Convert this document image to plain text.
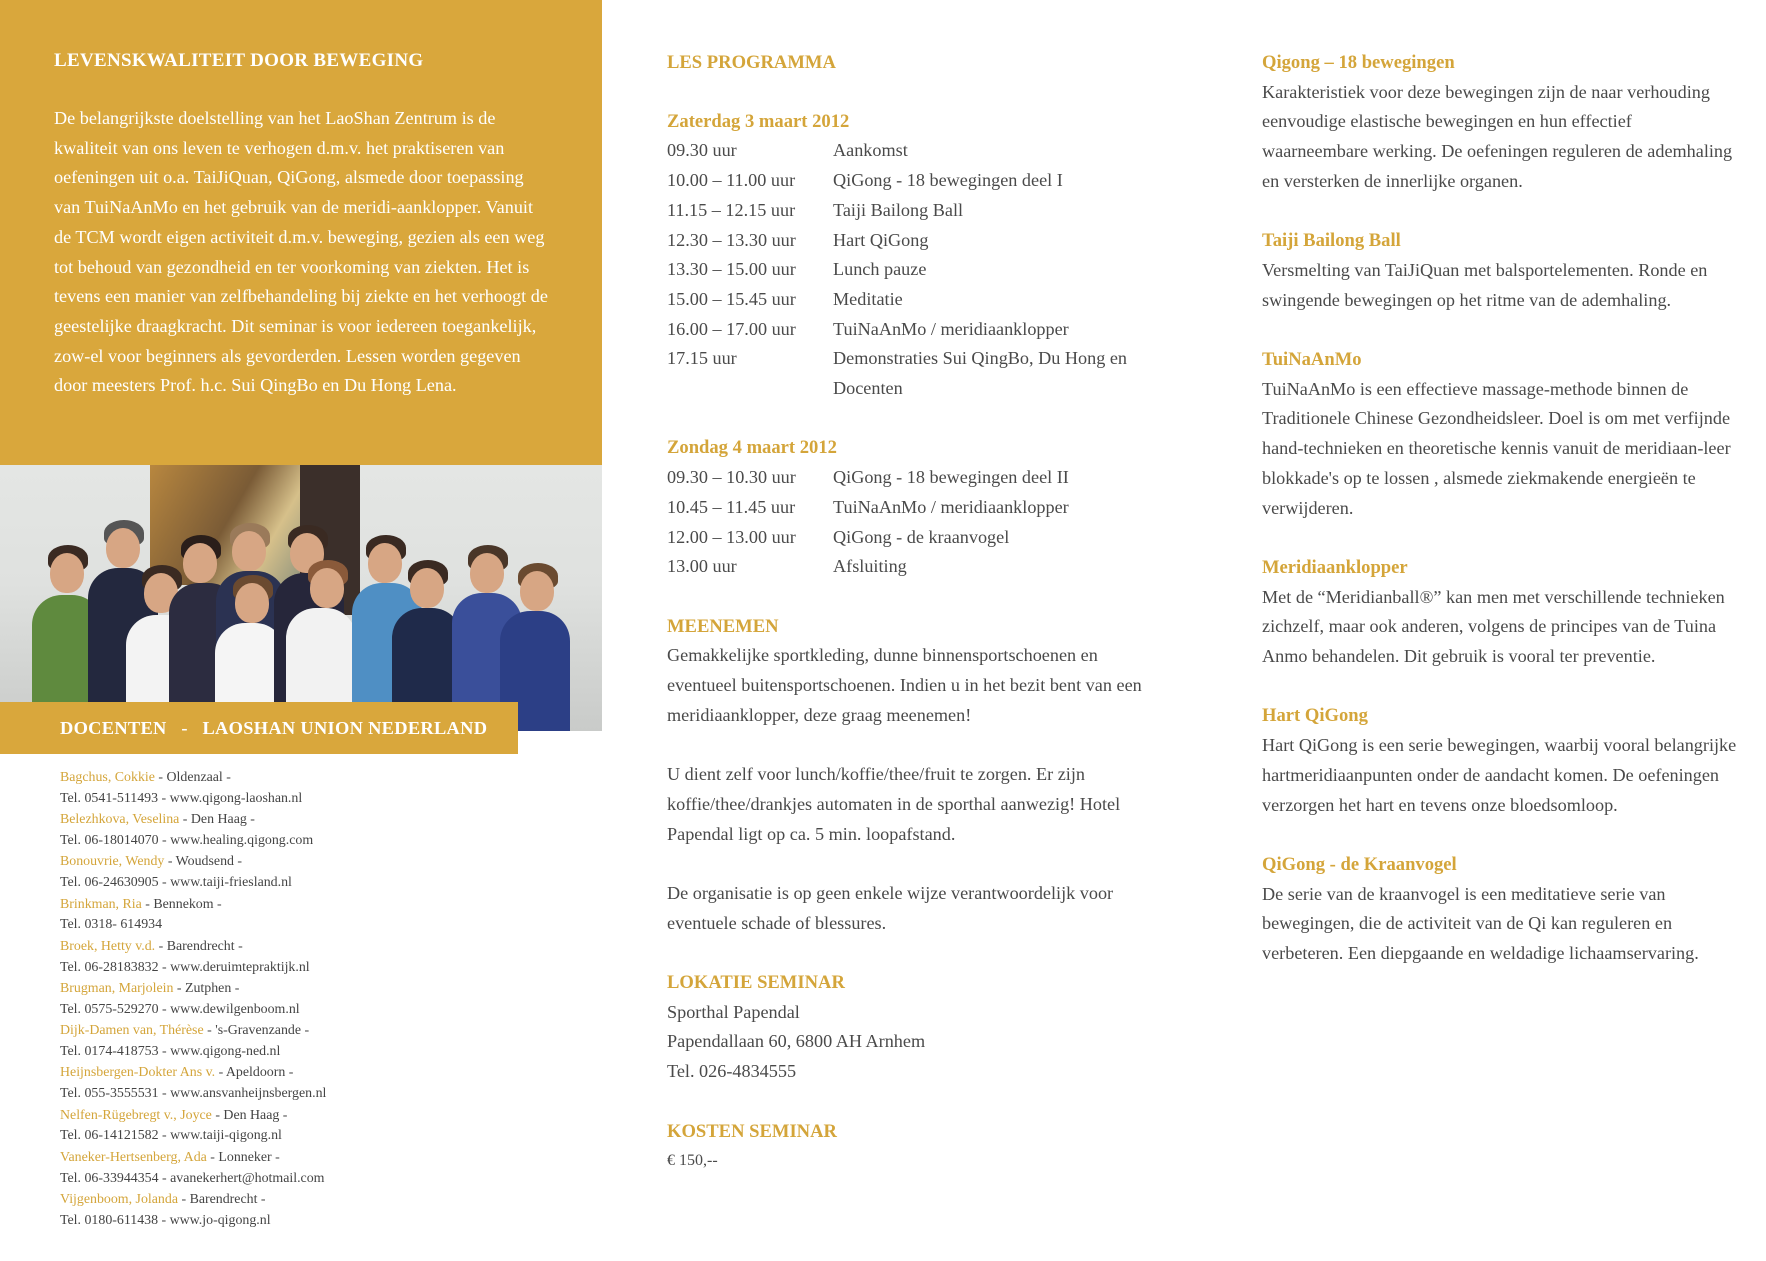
LEVENSKWALITEIT DOOR BEWEGING

De belangrijkste doelstelling van het LaoShan Zentrum is de kwaliteit van ons leven te verhogen d.m.v. het praktiseren van oefeningen uit o.a. TaiJiQuan, QiGong, alsmede door toepassing van TuiNaAnMo en het gebruik van de meridi-aanklopper. Vanuit de TCM wordt eigen activiteit d.m.v. beweging, gezien als een weg tot behoud van gezondheid en ter voorkoming van ziekten. Het is tevens een manier van zelfbehandeling bij ziekte en het verhoogt de geestelijke draagkracht. Dit seminar is voor iedereen toegankelijk, zow-el voor beginners als gevorderden. Lessen worden gegeven door meesters Prof. h.c. Sui QingBo en Du Hong Lena.

DOCENTEN   -   LAOSHAN UNION NEDERLAND
Bagchus, Cokkie - Oldenzaal -
Tel. 0541-511493 - www.qigong-laoshan.nl
Belezhkova, Veselina - Den Haag -
Tel. 06-18014070 - www.healing.qigong.com
Bonouvrie, Wendy - Woudsend -
Tel. 06-24630905 - www.taiji-friesland.nl
Brinkman, Ria - Bennekom -
Tel. 0318- 614934
Broek, Hetty v.d. - Barendrecht -
Tel. 06-28183832 - www.deruimtepraktijk.nl
Brugman, Marjolein - Zutphen -
Tel. 0575-529270 - www.dewilgenboom.nl
Dijk-Damen van, Thérèse - 's-Gravenzande -
Tel. 0174-418753 - www.qigong-ned.nl
Heijnsbergen-Dokter Ans v. - Apeldoorn -
Tel. 055-3555531 - www.ansvanheijnsbergen.nl
Nelfen-Rügebregt v., Joyce - Den Haag -
Tel. 06-14121582 - www.taiji-qigong.nl
Vaneker-Hertsenberg, Ada - Lonneker -
Tel. 06-33944354 - avanekerhert@hotmail.com
Vijgenboom, Jolanda - Barendrecht -
Tel. 0180-611438 - www.jo-qigong.nl
LES PROGRAMMA
Zaterdag 3 maart 2012
09.30 uur	Aankomst
10.00 – 11.00 uur	QiGong - 18 bewegingen deel I
11.15 – 12.15 uur	Taiji Bailong Ball
12.30 – 13.30 uur	Hart QiGong
13.30 – 15.00 uur	Lunch pauze
15.00 – 15.45 uur	Meditatie
16.00 – 17.00 uur	TuiNaAnMo / meridiaanklopper
17.15 uur	Demonstraties Sui QingBo, Du Hong en Docenten
Zondag 4 maart 2012
09.30 – 10.30 uur	QiGong - 18 bewegingen deel II
10.45 – 11.45 uur	TuiNaAnMo / meridiaanklopper
12.00 – 13.00 uur	QiGong - de kraanvogel
13.00 uur	Afsluiting
MEENEMEN

Gemakkelijke sportkleding, dunne binnensportschoenen en eventueel buitensportschoenen. Indien u in het bezit bent van een meridiaanklopper, deze graag meenemen!

U dient zelf voor lunch/koffie/thee/fruit te zorgen. Er zijn koffie/thee/drankjes automaten in de sporthal aanwezig! Hotel Papendal ligt op ca. 5 min. loopafstand.

De organisatie is op geen enkele wijze verantwoordelijk voor eventuele schade of blessures.

LOKATIE SEMINAR
Sporthal Papendal
Papendallaan 60, 6800 AH Arnhem
Tel. 026-4834555
KOSTEN SEMINAR
€ 150,--
Qigong – 18 bewegingen

Karakteristiek voor deze bewegingen zijn de naar verhouding eenvoudige elastische bewegingen en hun effectief waarneembare werking. De oefeningen reguleren de ademhaling en versterken de innerlijke organen.

Taiji Bailong Ball

Versmelting van TaiJiQuan met balsportelementen. Ronde en swingende bewegingen op het ritme van de ademhaling.

TuiNaAnMo

TuiNaAnMo is een effectieve massage-methode binnen de Traditionele Chinese Gezondheidsleer. Doel is om met verfijnde hand-technieken en theoretische kennis vanuit de meridiaan-leer blokkade's op te lossen , alsmede ziekmakende energieën te verwijderen.

Meridiaanklopper

Met de “Meridianball®” kan men met verschillende technieken zichzelf, maar ook anderen, volgens de principes van de Tuina Anmo behandelen. Dit gebruik is vooral ter preventie.

Hart QiGong

Hart QiGong is een serie bewegingen, waarbij vooral belangrijke hartmeridiaanpunten onder de aandacht komen. De oefeningen verzorgen het hart en tevens onze bloedsomloop.

QiGong - de Kraanvogel

De serie van de kraanvogel is een meditatieve serie van bewegingen, die de activiteit van de Qi kan reguleren en verbeteren. Een diepgaande en weldadige lichaamservaring.
